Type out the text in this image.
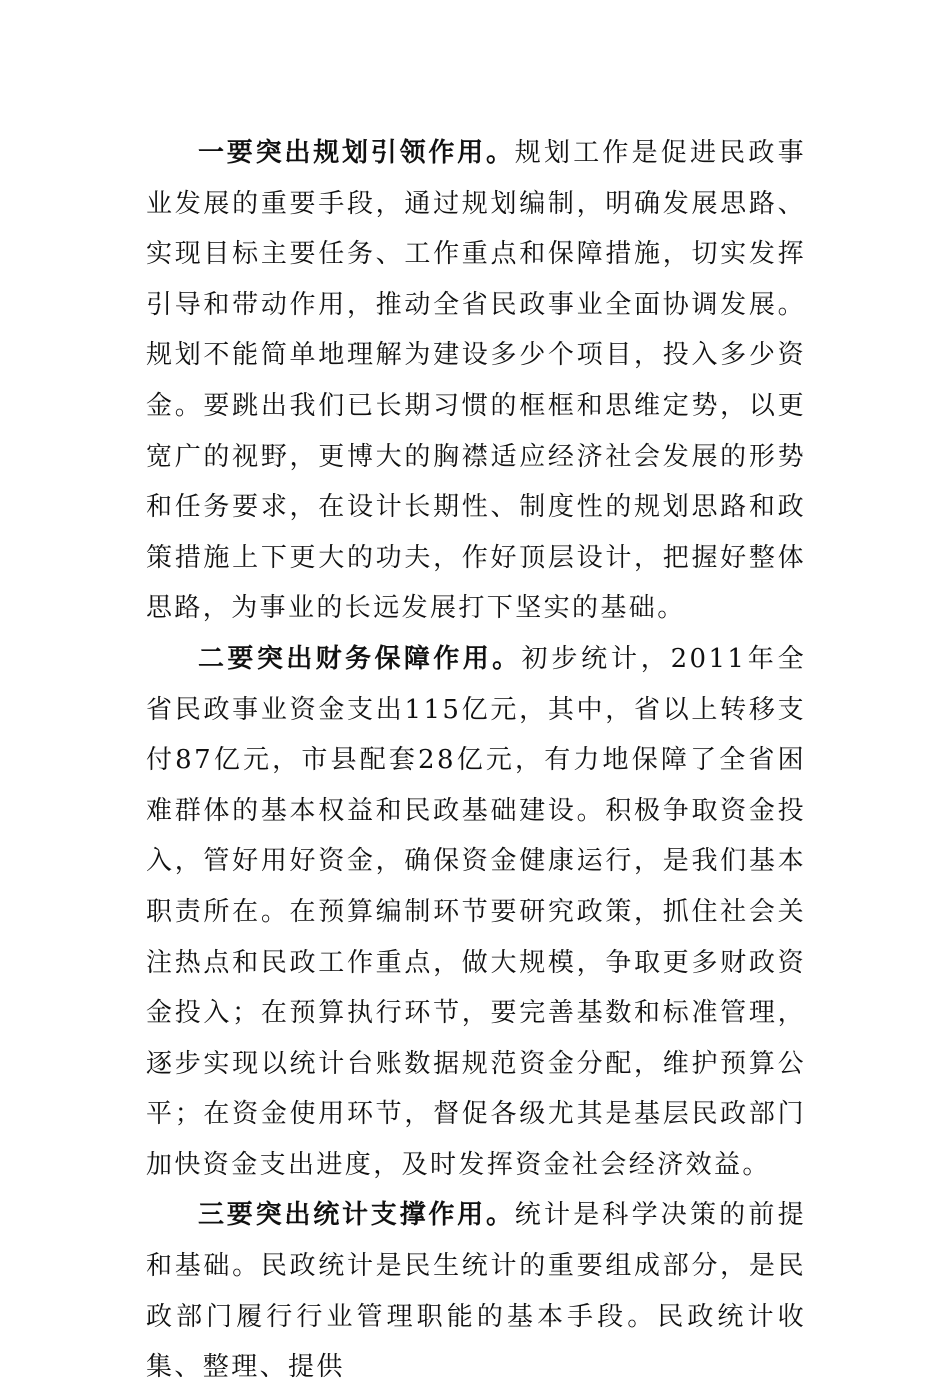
一要突出规划引领作用。规划工作是促进民政事业发展的重要手段，通过规划编制，明确发展思路、实现目标主要任务、工作重点和保障措施，切实发挥引导和带动作用，推动全省民政事业全面协调发展。规划不能简单地理解为建设多少个项目，投入多少资金。要跳出我们已长期习惯的框框和思维定势，以更宽广的视野，更博大的胸襟适应经济社会发展的形势和任务要求，在设计长期性、制度性的规划思路和政策措施上下更大的功夫，作好顶层设计，把握好整体思路，为事业的长远发展打下坚实的基础。

二要突出财务保障作用。初步统计，2011年全省民政事业资金支出115亿元，其中，省以上转移支付87亿元，市县配套28亿元，有力地保障了全省困难群体的基本权益和民政基础建设。积极争取资金投入，管好用好资金，确保资金健康运行，是我们基本职责所在。在预算编制环节要研究政策，抓住社会关注热点和民政工作重点，做大规模，争取更多财政资金投入；在预算执行环节，要完善基数和标准管理，逐步实现以统计台账数据规范资金分配，维护预算公平；在资金使用环节，督促各级尤其是基层民政部门加快资金支出进度，及时发挥资金社会经济效益。

三要突出统计支撑作用。统计是科学决策的前提和基础。民政统计是民生统计的重要组成部分，是民政部门履行行业管理职能的基本手段。民政统计收集、整理、提供
